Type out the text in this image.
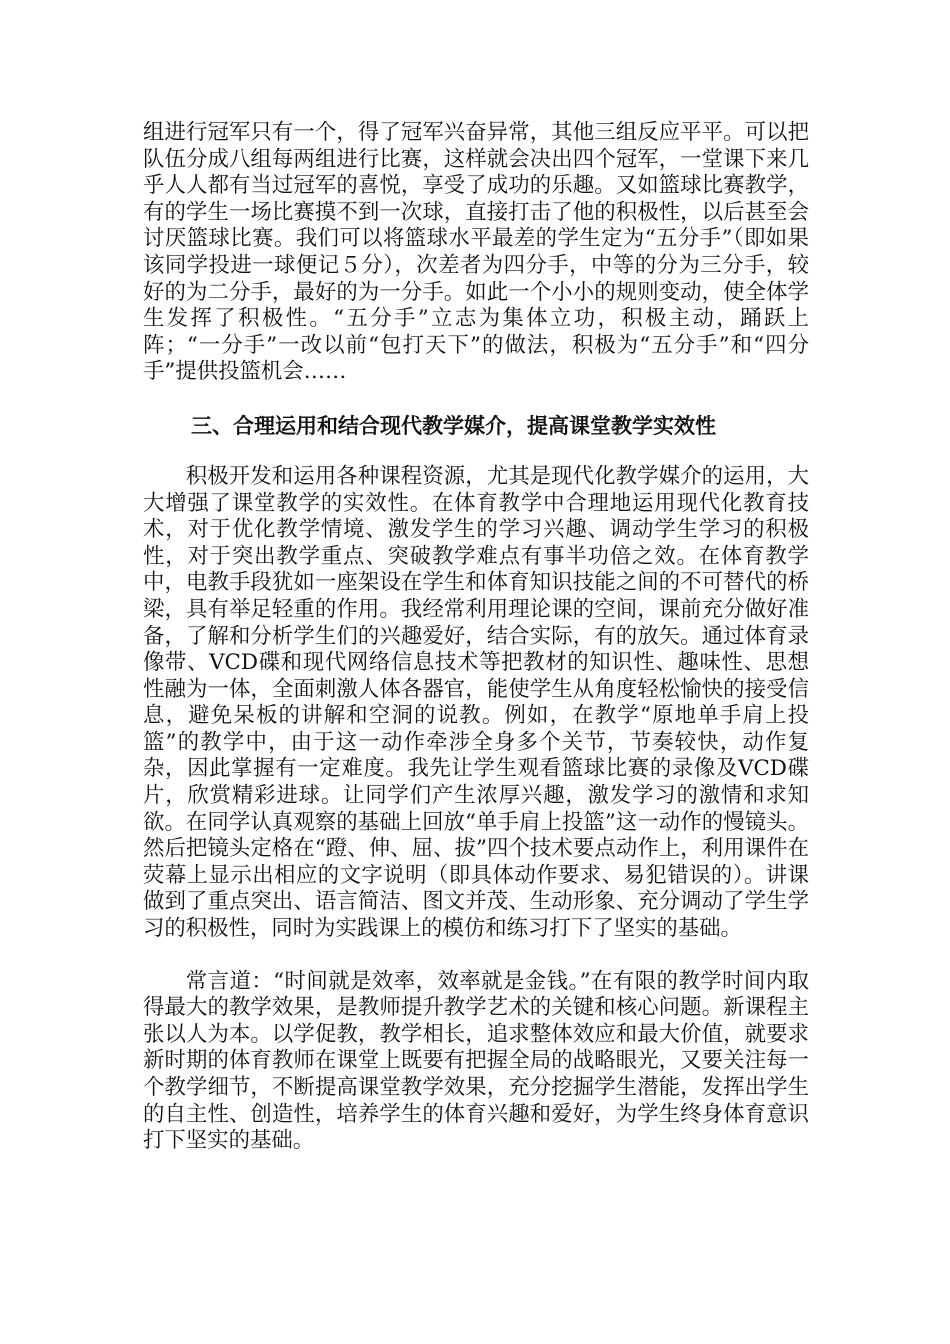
组进行冠军只有一个，得了冠军兴奋异常，其他三组反应平平。可以把队伍分成八组每两组进行比赛，这样就会决出四个冠军，一堂课下来几乎人人都有当过冠军的喜悦，享受了成功的乐趣。又如篮球比赛教学，有的学生一场比赛摸不到一次球，直接打击了他的积极性，以后甚至会讨厌篮球比赛。我们可以将篮球水平最差的学生定为“五分手”（即如果该同学投进一球便记５分），次差者为四分手，中等的分为三分手，较好的为二分手，最好的为一分手。如此一个小小的规则变动，使全体学生发挥了积极性。“五分手”立志为集体立功，积极主动，踊跃上阵；“一分手”一改以前“包打天下”的做法，积极为“五分手”和“四分手”提供投篮机会……

三、合理运用和结合现代教学媒介，提高课堂教学实效性

积极开发和运用各种课程资源，尤其是现代化教学媒介的运用，大大增强了课堂教学的实效性。在体育教学中合理地运用现代化教育技术，对于优化教学情境、激发学生的学习兴趣、调动学生学习的积极性，对于突出教学重点、突破教学难点有事半功倍之效。在体育教学中，电教手段犹如一座架设在学生和体育知识技能之间的不可替代的桥梁，具有举足轻重的作用。我经常利用理论课的空间，课前充分做好准备，了解和分析学生们的兴趣爱好，结合实际，有的放矢。通过体育录像带、VCD碟和现代网络信息技术等把教材的知识性、趣味性、思想性融为一体，全面刺激人体各器官，能使学生从角度轻松愉快的接受信息，避免呆板的讲解和空洞的说教。例如，在教学“原地单手肩上投篮”的教学中，由于这一动作牵涉全身多个关节，节奏较快，动作复杂，因此掌握有一定难度。我先让学生观看篮球比赛的录像及VCD碟片，欣赏精彩进球。让同学们产生浓厚兴趣，激发学习的激情和求知欲。在同学认真观察的基础上回放“单手肩上投篮”这一动作的慢镜头。然后把镜头定格在“蹬、伸、屈、拔”四个技术要点动作上，利用课件在荧幕上显示出相应的文字说明（即具体动作要求、易犯错误的）。讲课做到了重点突出、语言简洁、图文并茂、生动形象、充分调动了学生学习的积极性，同时为实践课上的模仿和练习打下了坚实的基础。

常言道：“时间就是效率，效率就是金钱。”在有限的教学时间内取得最大的教学效果，是教师提升教学艺术的关键和核心问题。新课程主张以人为本。以学促教，教学相长，追求整体效应和最大价值，就要求新时期的体育教师在课堂上既要有把握全局的战略眼光，又要关注每一个教学细节，不断提高课堂教学效果，充分挖掘学生潜能，发挥出学生的自主性、创造性，培养学生的体育兴趣和爱好，为学生终身体育意识打下坚实的基础。
